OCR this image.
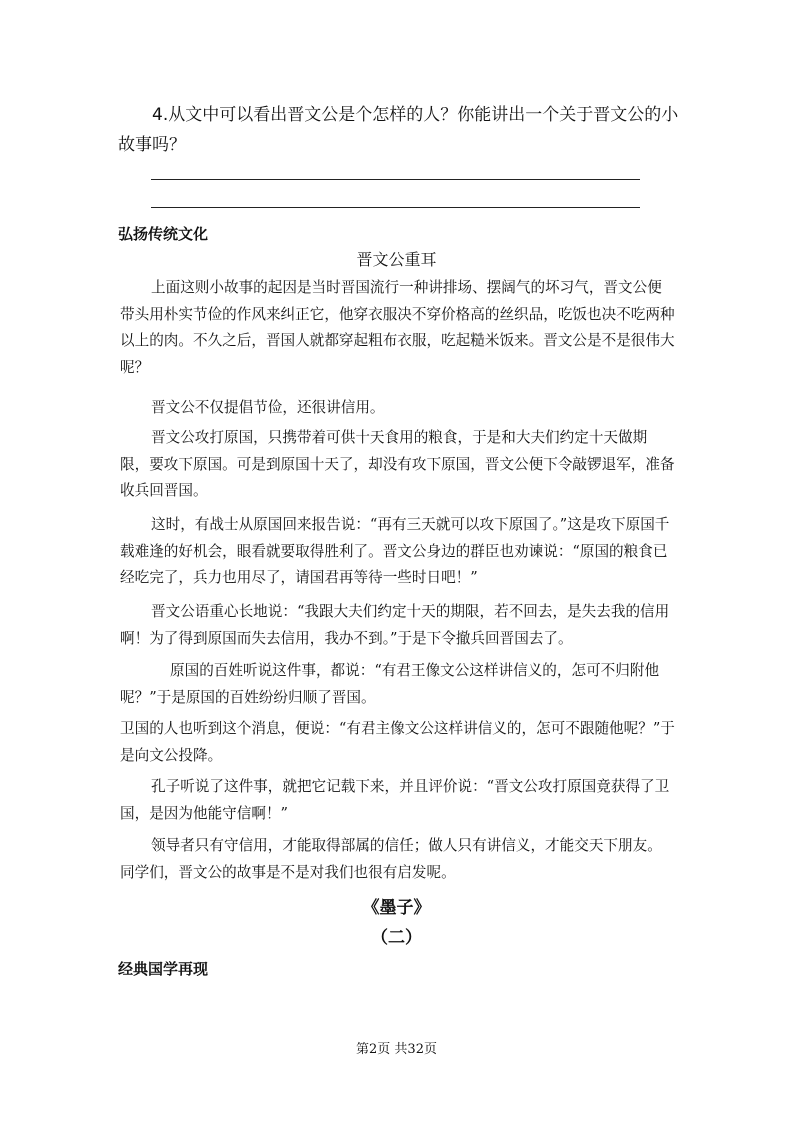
4.从文中可以看出晋文公是个怎样的人？你能讲出一个关于晋文公的小故事吗？
弘扬传统文化
晋文公重耳
上面这则小故事的起因是当时晋国流行一种讲排场、摆阔气的坏习气，晋文公便带头用朴实节俭的作风来纠正它，他穿衣服决不穿价格高的丝织品，吃饭也决不吃两种以上的肉。不久之后，晋国人就都穿起粗布衣服，吃起糙米饭来。晋文公是不是很伟大呢？
晋文公不仅提倡节俭，还很讲信用。
晋文公攻打原国，只携带着可供十天食用的粮食，于是和大夫们约定十天做期限，要攻下原国。可是到原国十天了，却没有攻下原国，晋文公便下令敲锣退军，准备收兵回晋国。
这时，有战士从原国回来报告说：“再有三天就可以攻下原国了。”这是攻下原国千载难逢的好机会，眼看就要取得胜利了。晋文公身边的群臣也劝谏说：“原国的粮食已经吃完了，兵力也用尽了，请国君再等待一些时日吧！”
晋文公语重心长地说：“我跟大夫们约定十天的期限，若不回去，是失去我的信用啊！为了得到原国而失去信用，我办不到。”于是下令撤兵回晋国去了。
原国的百姓听说这件事，都说：“有君王像文公这样讲信义的，怎可不归附他呢？”于是原国的百姓纷纷归顺了晋国。
卫国的人也听到这个消息，便说：“有君主像文公这样讲信义的，怎可不跟随他呢？”于是向文公投降。
孔子听说了这件事，就把它记载下来，并且评价说：“晋文公攻打原国竟获得了卫国，是因为他能守信啊！”
领导者只有守信用，才能取得部属的信任；做人只有讲信义，才能交天下朋友。同学们，晋文公的故事是不是对我们也很有启发呢。
《墨子》
（二）
经典国学再现
第2页 共32页
